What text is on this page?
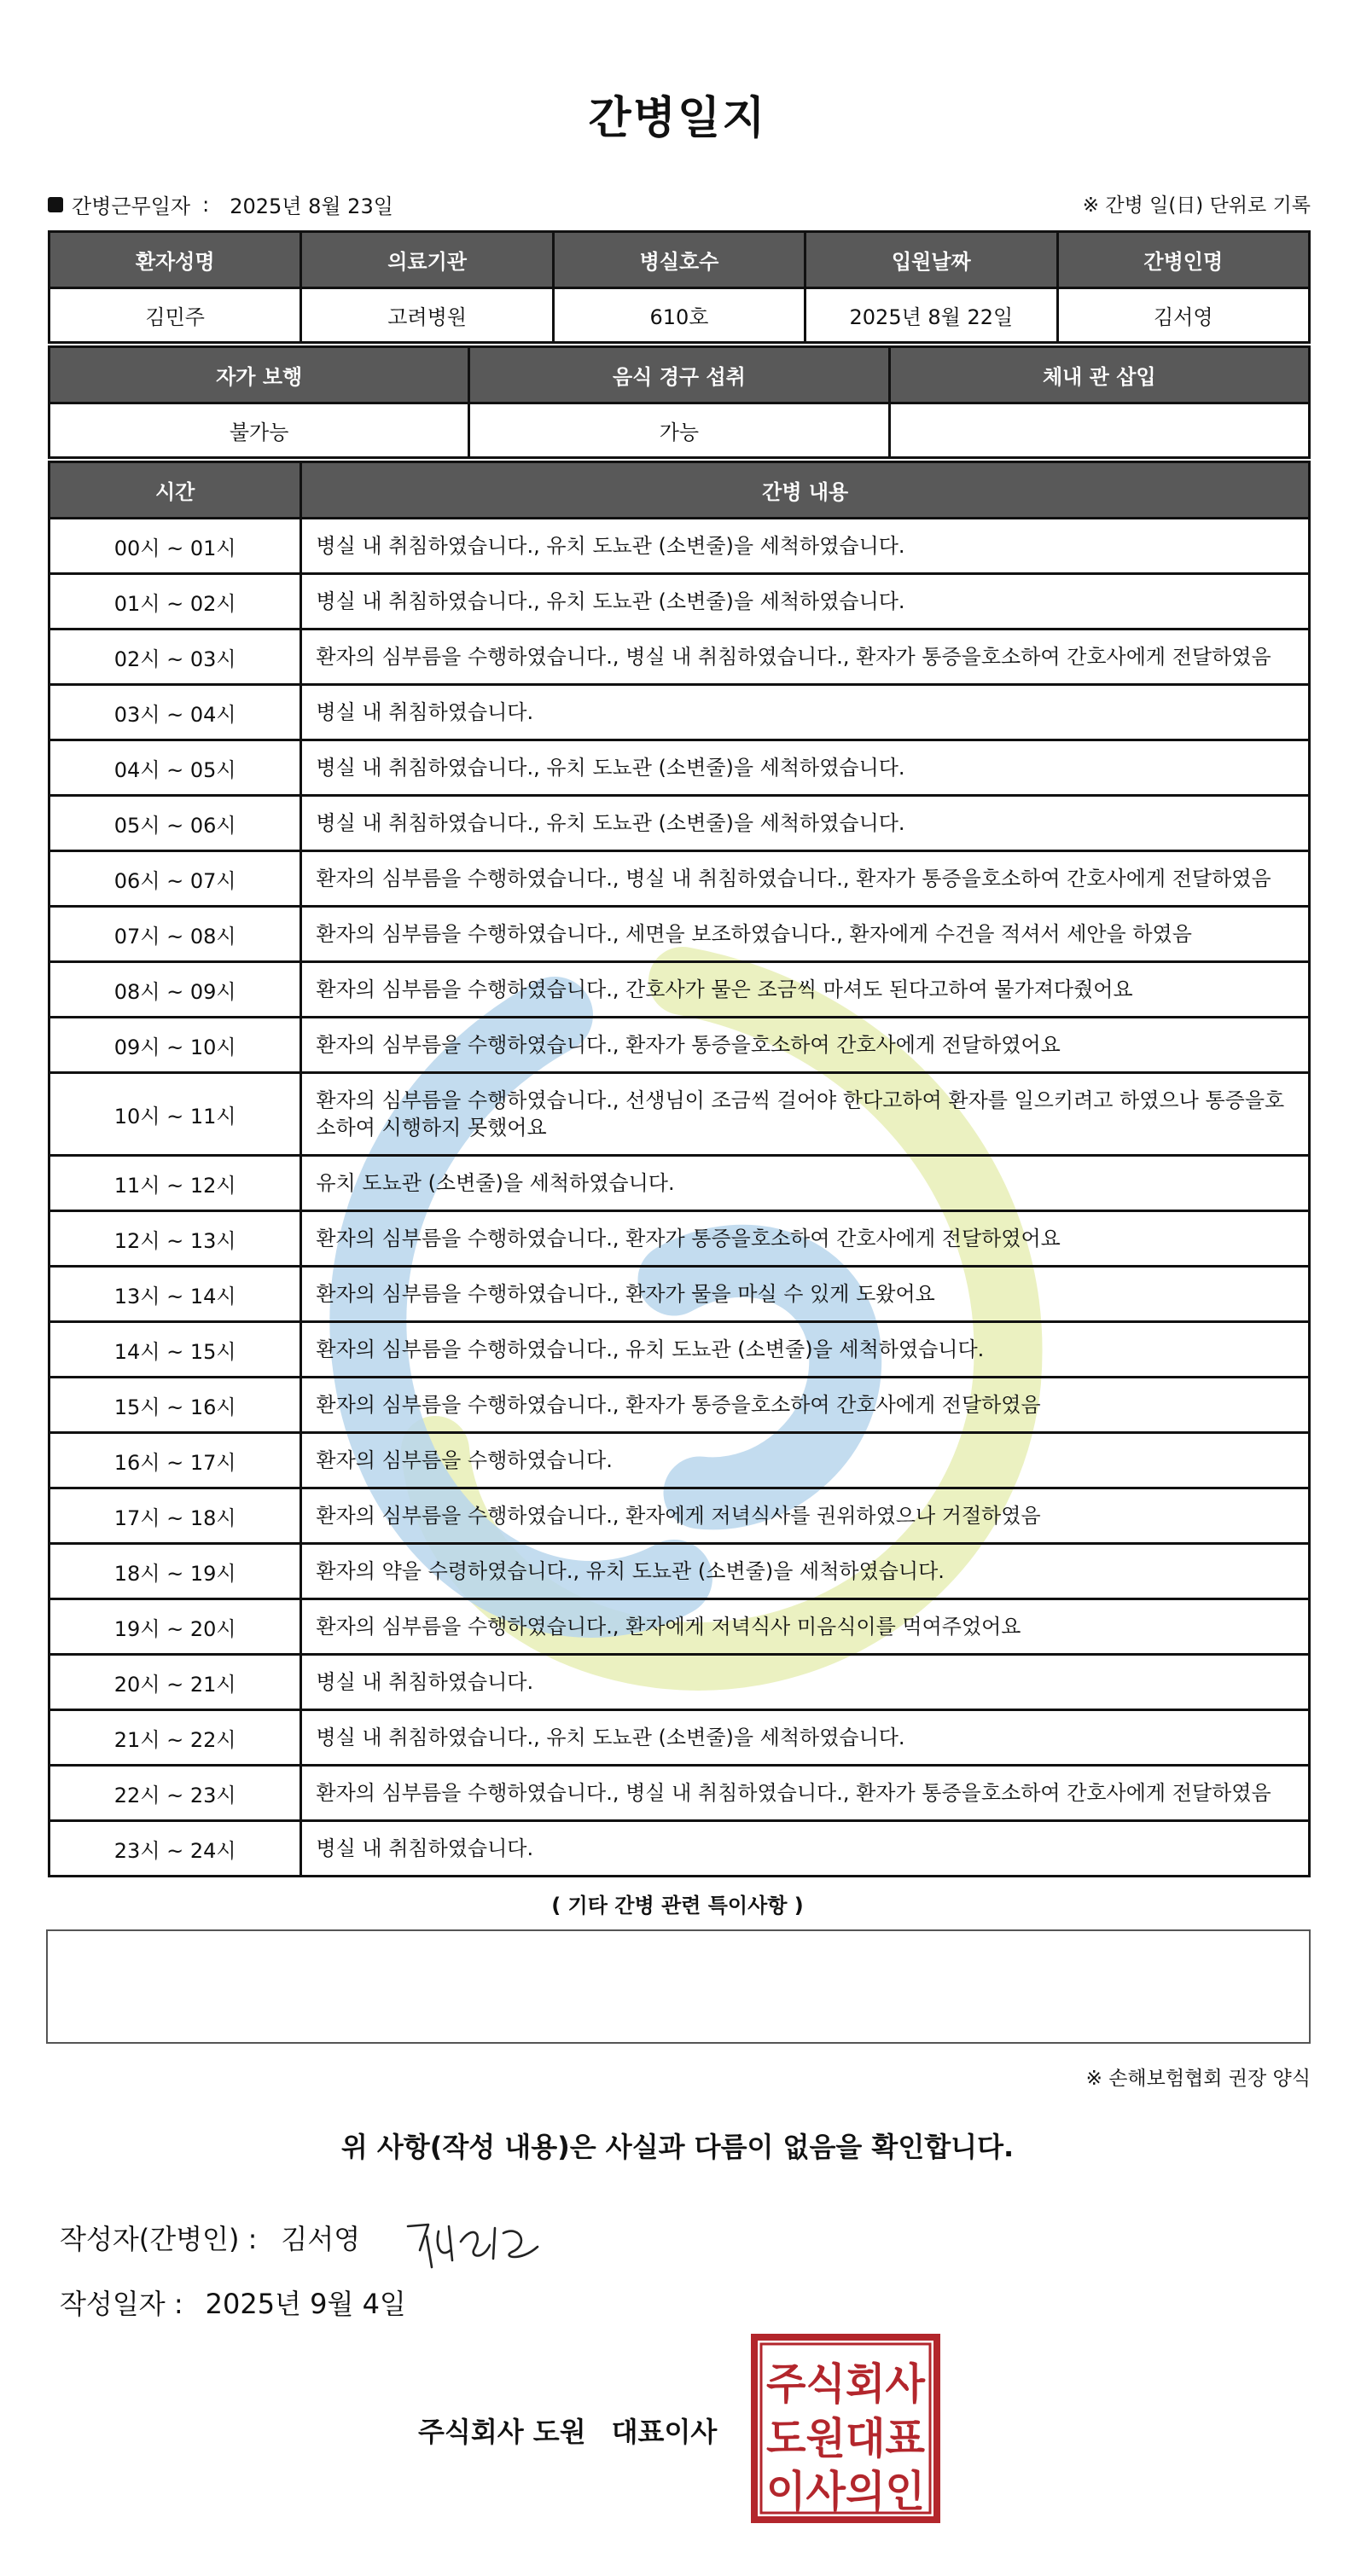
간병일지
간병근무일자 : 2025년 8월 23일	※ 간병 일(日) 단위로 기록
환자성명	의료기관	병실호수	입원날짜	간병인명
김민주	고려병원	610호	2025년 8월 22일	김서영
자가 보행	음식 경구 섭취	체내 관 삽입
불가능	가능	
시간	간병 내용
00시 ~ 01시	병실 내 취침하였습니다., 유치 도뇨관 (소변줄)을 세척하였습니다.
01시 ~ 02시	병실 내 취침하였습니다., 유치 도뇨관 (소변줄)을 세척하였습니다.
02시 ~ 03시	환자의 심부름을 수행하였습니다., 병실 내 취침하였습니다., 환자가 통증을호소하여 간호사에게 전달하였음
03시 ~ 04시	병실 내 취침하였습니다.
04시 ~ 05시	병실 내 취침하였습니다., 유치 도뇨관 (소변줄)을 세척하였습니다.
05시 ~ 06시	병실 내 취침하였습니다., 유치 도뇨관 (소변줄)을 세척하였습니다.
06시 ~ 07시	환자의 심부름을 수행하였습니다., 병실 내 취침하였습니다., 환자가 통증을호소하여 간호사에게 전달하였음
07시 ~ 08시	환자의 심부름을 수행하였습니다., 세면을 보조하였습니다., 환자에게 수건을 적셔서 세안을 하였음
08시 ~ 09시	환자의 심부름을 수행하였습니다., 간호사가 물은 조금씩 마셔도 된다고하여 물가져다줬어요
09시 ~ 10시	환자의 심부름을 수행하였습니다., 환자가 통증을호소하여 간호사에게 전달하였어요
10시 ~ 11시	환자의 심부름을 수행하였습니다., 선생님이 조금씩 걸어야 한다고하여 환자를 일으키려고 하였으나 통증을호소하여 시행하지 못했어요
11시 ~ 12시	유치 도뇨관 (소변줄)을 세척하였습니다.
12시 ~ 13시	환자의 심부름을 수행하였습니다., 환자가 통증을호소하여 간호사에게 전달하였어요
13시 ~ 14시	환자의 심부름을 수행하였습니다., 환자가 물을 마실 수 있게 도왔어요
14시 ~ 15시	환자의 심부름을 수행하였습니다., 유치 도뇨관 (소변줄)을 세척하였습니다.
15시 ~ 16시	환자의 심부름을 수행하였습니다., 환자가 통증을호소하여 간호사에게 전달하였음
16시 ~ 17시	환자의 심부름을 수행하였습니다.
17시 ~ 18시	환자의 심부름을 수행하였습니다., 환자에게 저녁식사를 권위하였으나 거절하였음
18시 ~ 19시	환자의 약을 수령하였습니다., 유치 도뇨관 (소변줄)을 세척하였습니다.
19시 ~ 20시	환자의 심부름을 수행하였습니다., 환자에게 저녁식사 미음식이를 먹여주었어요
20시 ~ 21시	병실 내 취침하였습니다.
21시 ~ 22시	병실 내 취침하였습니다., 유치 도뇨관 (소변줄)을 세척하였습니다.
22시 ~ 23시	환자의 심부름을 수행하였습니다., 병실 내 취침하였습니다., 환자가 통증을호소하여 간호사에게 전달하였음
23시 ~ 24시	병실 내 취침하였습니다.
( 기타 간병 관련 특이사항 )
※ 손해보험협회 권장 양식
위 사항(작성 내용)은 사실과 다름이 없음을 확인합니다.
작성자(간병인) : 김서영
작성일자 : 2025년 9월 4일
주식회사 도원 대표이사
주식회사
도원대표
이사의인
